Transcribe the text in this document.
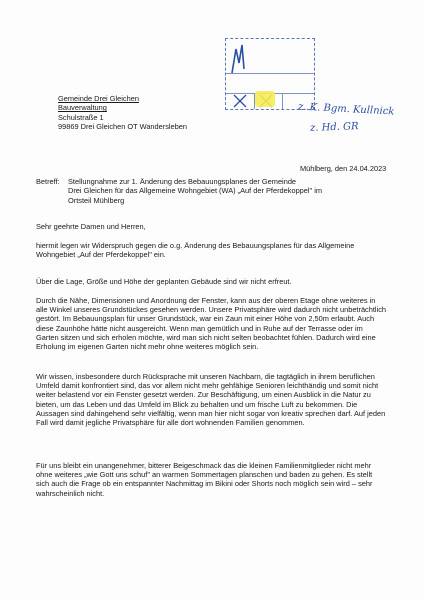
z. K. Bgm. Kullnick
z. Hd. GR
Gemeinde Drei Gleichen
Bauverwaltung
Schulstraße 1
99869 Drei Gleichen OT Wandersleben
Mühlberg, den 24.04.2023
Betreff: Stellungnahme zur 1. Änderung des Bebauungsplanes der Gemeinde
Drei Gleichen für das Allgemeine Wohngebiet (WA) „Auf der Pferdekoppel" im
Ortsteil Mühlberg

Sehr geehrte Damen und Herren,

hiermit legen wir Widerspruch gegen die o.g. Änderung des Bebauungsplanes für das Allgemeine Wohngebiet „Auf der Pferdekoppel" ein.

Über die Lage, Größe und Höhe der geplanten Gebäude sind wir nicht erfreut.

Durch die Nähe, Dimensionen und Anordnung der Fenster, kann aus der oberen Etage ohne weiteres in alle Winkel unseres Grundstückes gesehen werden. Unsere Privatsphäre wird dadurch nicht unbeträchtlich gestört. Im Bebauungsplan für unser Grundstück, war ein Zaun mit einer Höhe von 2,50m erlaubt. Auch diese Zaunhöhe hätte nicht ausgereicht. Wenn man gemütlich und in Ruhe auf der Terrasse oder im Garten sitzen und sich erholen möchte, wird man sich nicht selten beobachtet fühlen. Dadurch wird eine Erholung im eigenen Garten nicht mehr ohne weiteres möglich sein.

Wir wissen, insbesondere durch Rücksprache mit unseren Nachbarn, die tagtäglich in ihrem beruflichen Umfeld damit konfrontiert sind, das vor allem nicht mehr gehfähige Senioren leichthändig und somit nicht weiter belastend vor ein Fenster gesetzt werden. Zur Beschäftigung, um einen Ausblick in die Natur zu bieten, um das Leben und das Umfeld im Blick zu behalten und um frische Luft zu bekommen. Die Aussagen sind dahingehend sehr vielfältig, wenn man hier nicht sogar von kreativ sprechen darf. Auf jeden Fall wird damit jegliche Privatsphäre für alle dort wohnenden Familien genommen.

Für uns bleibt ein unangenehmer, bitterer Beigeschmack das die kleinen Familienmitglieder nicht mehr ohne weiteres „wie Gott uns schuf" an warmen Sommertagen planschen und baden zu gehen. Es stellt sich auch die Frage ob ein entspannter Nachmittag im Bikini oder Shorts noch möglich sein wird – sehr wahrscheinlich nicht.
